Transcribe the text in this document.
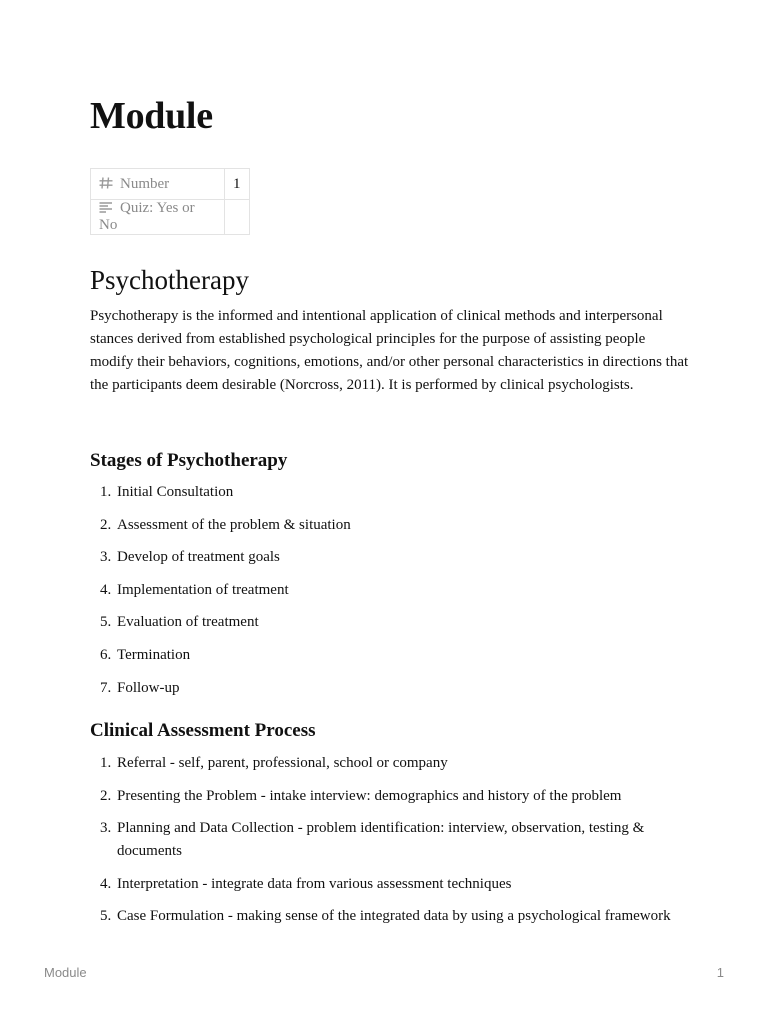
Module
Number	1
Quiz: Yes or No	
Psychotherapy

Psychotherapy is the informed and intentional application of clinical methods and interpersonal stances derived from established psychological principles for the purpose of assisting people modify their behaviors, cognitions, emotions, and/or other personal characteristics in directions that the participants deem desirable (Norcross, 2011). It is performed by clinical psychologists.

Stages of Psychotherapy
1. Initial Consultation
2. Assessment of the problem & situation
3. Develop of treatment goals
4. Implementation of treatment
5. Evaluation of treatment
6. Termination
7. Follow-up
Clinical Assessment Process
1. Referral - self, parent, professional, school or company
2. Presenting the Problem - intake interview: demographics and history of the problem
3. Planning and Data Collection - problem identification: interview, observation, testing & documents
4. Interpretation - integrate data from various assessment techniques
5. Case Formulation - making sense of the integrated data by using a psychological framework
Module	1
